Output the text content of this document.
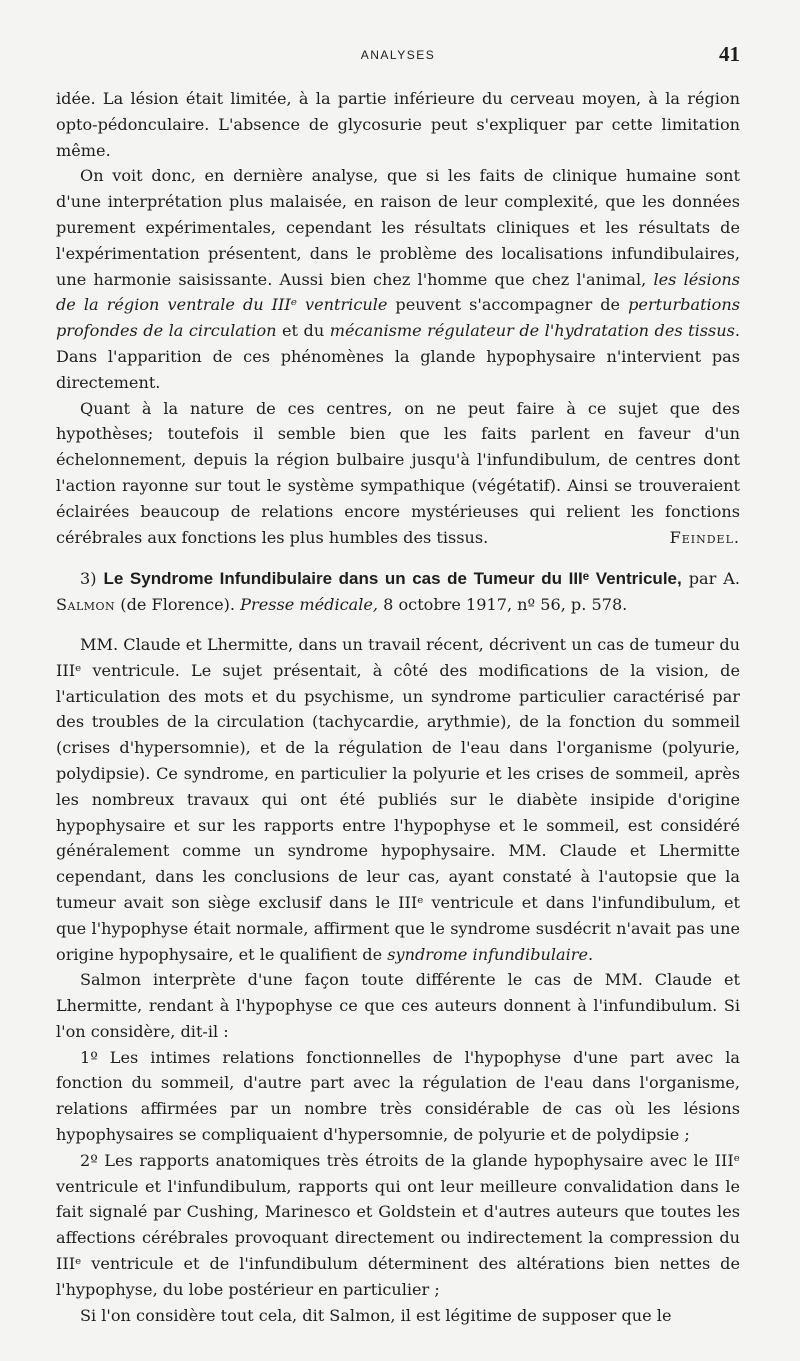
ANALYSES	41

idée. La lésion était limitée, à la partie inférieure du cerveau moyen, à la région opto-pédonculaire. L'absence de glycosurie peut s'expliquer par cette limitation même.

On voit donc, en dernière analyse, que si les faits de clinique humaine sont d'une interprétation plus malaisée, en raison de leur complexité, que les données purement expérimentales, cependant les résultats cliniques et les résultats de l'expérimentation présentent, dans le problème des localisations infundibulaires, une harmonie saisissante. Aussi bien chez l'homme que chez l'animal, les lésions de la région ventrale du IIIᵉ ventricule peuvent s'accompagner de perturbations profondes de la circulation et du mécanisme régulateur de l'hydratation des tissus. Dans l'apparition de ces phénomènes la glande hypophysaire n'intervient pas directement.

Quant à la nature de ces centres, on ne peut faire à ce sujet que des hypothèses; toutefois il semble bien que les faits parlent en faveur d'un échelonnement, depuis la région bulbaire jusqu'à l'infundibulum, de centres dont l'action rayonne sur tout le système sympathique (végétatif). Ainsi se trouveraient éclairées beaucoup de relations encore mystérieuses qui relient les fonctions cérébrales aux fonctions les plus humbles des tissus.	Feindel.

3) Le Syndrome Infundibulaire dans un cas de Tumeur du IIIᵉ Ventricule, par A. Salmon (de Florence). Presse médicale, 8 octobre 1917, nº 56, p. 578.

MM. Claude et Lhermitte, dans un travail récent, décrivent un cas de tumeur du IIIᵉ ventricule. Le sujet présentait, à côté des modifications de la vision, de l'articulation des mots et du psychisme, un syndrome particulier caractérisé par des troubles de la circulation (tachycardie, arythmie), de la fonction du sommeil (crises d'hypersomnie), et de la régulation de l'eau dans l'organisme (polyurie, polydipsie). Ce syndrome, en particulier la polyurie et les crises de sommeil, après les nombreux travaux qui ont été publiés sur le diabète insipide d'origine hypophysaire et sur les rapports entre l'hypophyse et le sommeil, est considéré généralement comme un syndrome hypophysaire. MM. Claude et Lhermitte cependant, dans les conclusions de leur cas, ayant constaté à l'autopsie que la tumeur avait son siège exclusif dans le IIIᵉ ventricule et dans l'infundibulum, et que l'hypophyse était normale, affirment que le syndrome susdécrit n'avait pas une origine hypophysaire, et le qualifient de syndrome infundibulaire.

Salmon interprète d'une façon toute différente le cas de MM. Claude et Lhermitte, rendant à l'hypophyse ce que ces auteurs donnent à l'infundibulum. Si l'on considère, dit-il :

1º Les intimes relations fonctionnelles de l'hypophyse d'une part avec la fonction du sommeil, d'autre part avec la régulation de l'eau dans l'organisme, relations affirmées par un nombre très considérable de cas où les lésions hypophysaires se compliquaient d'hypersomnie, de polyurie et de polydipsie ;

2º Les rapports anatomiques très étroits de la glande hypophysaire avec le IIIᵉ ventricule et l'infundibulum, rapports qui ont leur meilleure convalidation dans le fait signalé par Cushing, Marinesco et Goldstein et d'autres auteurs que toutes les affections cérébrales provoquant directement ou indirectement la compression du IIIᵉ ventricule et de l'infundibulum déterminent des altérations bien nettes de l'hypophyse, du lobe postérieur en particulier ;

Si l'on considère tout cela, dit Salmon, il est légitime de supposer que le
